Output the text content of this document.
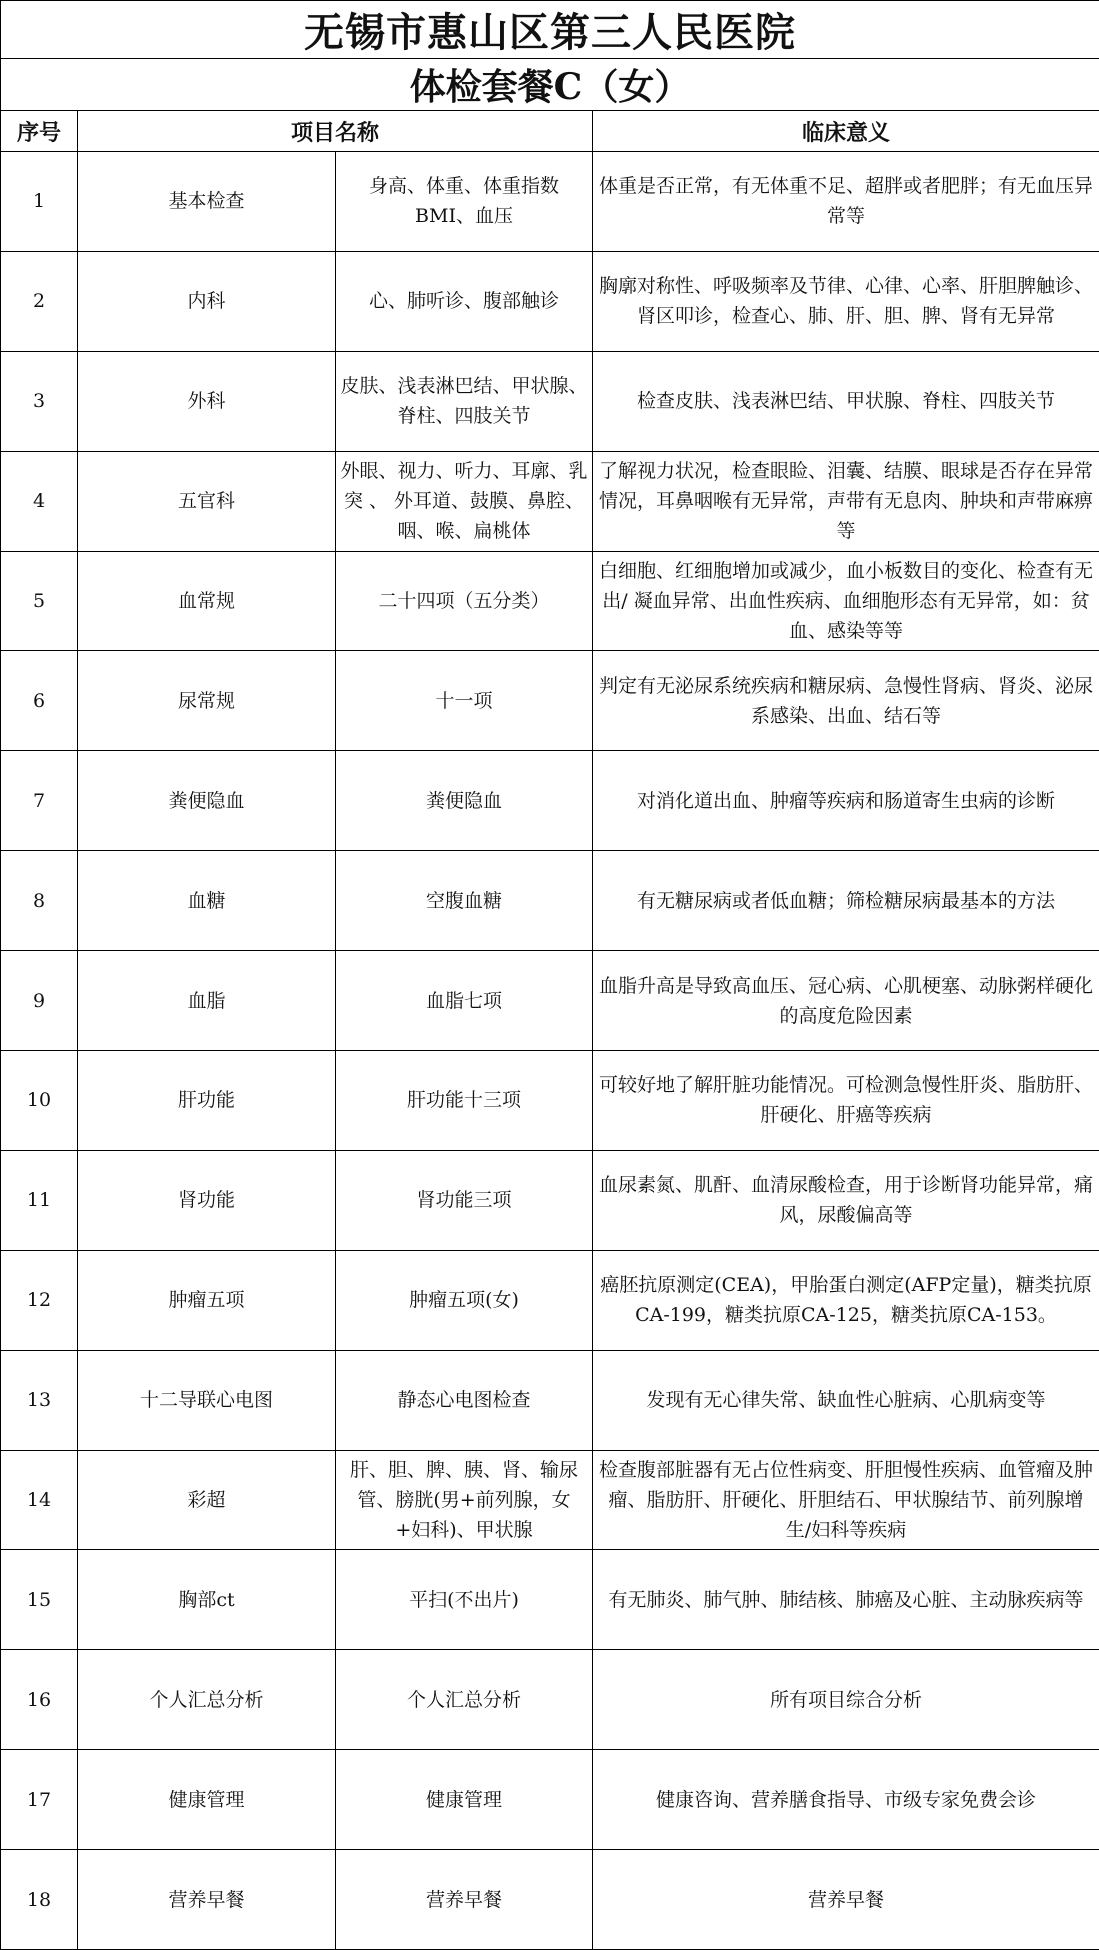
无锡市惠山区第三人民医院			
体检套餐C（女）			
序号	项目名称		临床意义
1	基本检查	身高、体重、体重指数BMI、血压	体重是否正常，有无体重不足、超胖或者肥胖；有无血压异常等
2	内科	心、肺听诊、腹部触诊	胸廓对称性、呼吸频率及节律、心律、心率、肝胆脾触诊、肾区叩诊，检查心、肺、肝、胆、脾、肾有无异常
3	外科	皮肤、浅表淋巴结、甲状腺、脊柱、四肢关节	检查皮肤、浅表淋巴结、甲状腺、脊柱、四肢关节
4	五官科	外眼、视力、听力、耳廓、乳突 、 外耳道、鼓膜、鼻腔、咽、喉、扁桃体	了解视力状况，检查眼睑、泪囊、结膜、眼球是否存在异常情况，耳鼻咽喉有无异常，声带有无息肉、肿块和声带麻痹等
5	血常规	二十四项（五分类）	白细胞、红细胞增加或减少，血小板数目的变化、检查有无出/ 凝血异常、出血性疾病、血细胞形态有无异常，如：贫血、感染等等
6	尿常规	十一项	判定有无泌尿系统疾病和糖尿病、急慢性肾病、肾炎、泌尿系感染、出血、结石等
7	粪便隐血	粪便隐血	对消化道出血、肿瘤等疾病和肠道寄生虫病的诊断
8	血糖	空腹血糖	有无糖尿病或者低血糖；筛检糖尿病最基本的方法
9	血脂	血脂七项	血脂升高是导致高血压、冠心病、心肌梗塞、动脉粥样硬化的高度危险因素
10	肝功能	肝功能十三项	可较好地了解肝脏功能情况。可检测急慢性肝炎、脂肪肝、肝硬化、肝癌等疾病
11	肾功能	肾功能三项	血尿素氮、肌酐、血清尿酸检查，用于诊断肾功能异常，痛风，尿酸偏高等
12	肿瘤五项	肿瘤五项(女)	癌胚抗原测定(CEA)，甲胎蛋白测定(AFP定量)，糖类抗原CA-199，糖类抗原CA-125，糖类抗原CA-153。
13	十二导联心电图	静态心电图检查	发现有无心律失常、缺血性心脏病、心肌病变等
14	彩超	肝、胆、脾、胰、肾、输尿管、膀胱(男+前列腺，女+妇科)、甲状腺	检查腹部脏器有无占位性病变、肝胆慢性疾病、血管瘤及肿瘤、脂肪肝、肝硬化、肝胆结石、甲状腺结节、前列腺增生/妇科等疾病
15	胸部ct	平扫(不出片)	有无肺炎、肺气肿、肺结核、肺癌及心脏、主动脉疾病等
16	个人汇总分析	个人汇总分析	所有项目综合分析
17	健康管理	健康管理	健康咨询、营养膳食指导、市级专家免费会诊
18	营养早餐	营养早餐	营养早餐
